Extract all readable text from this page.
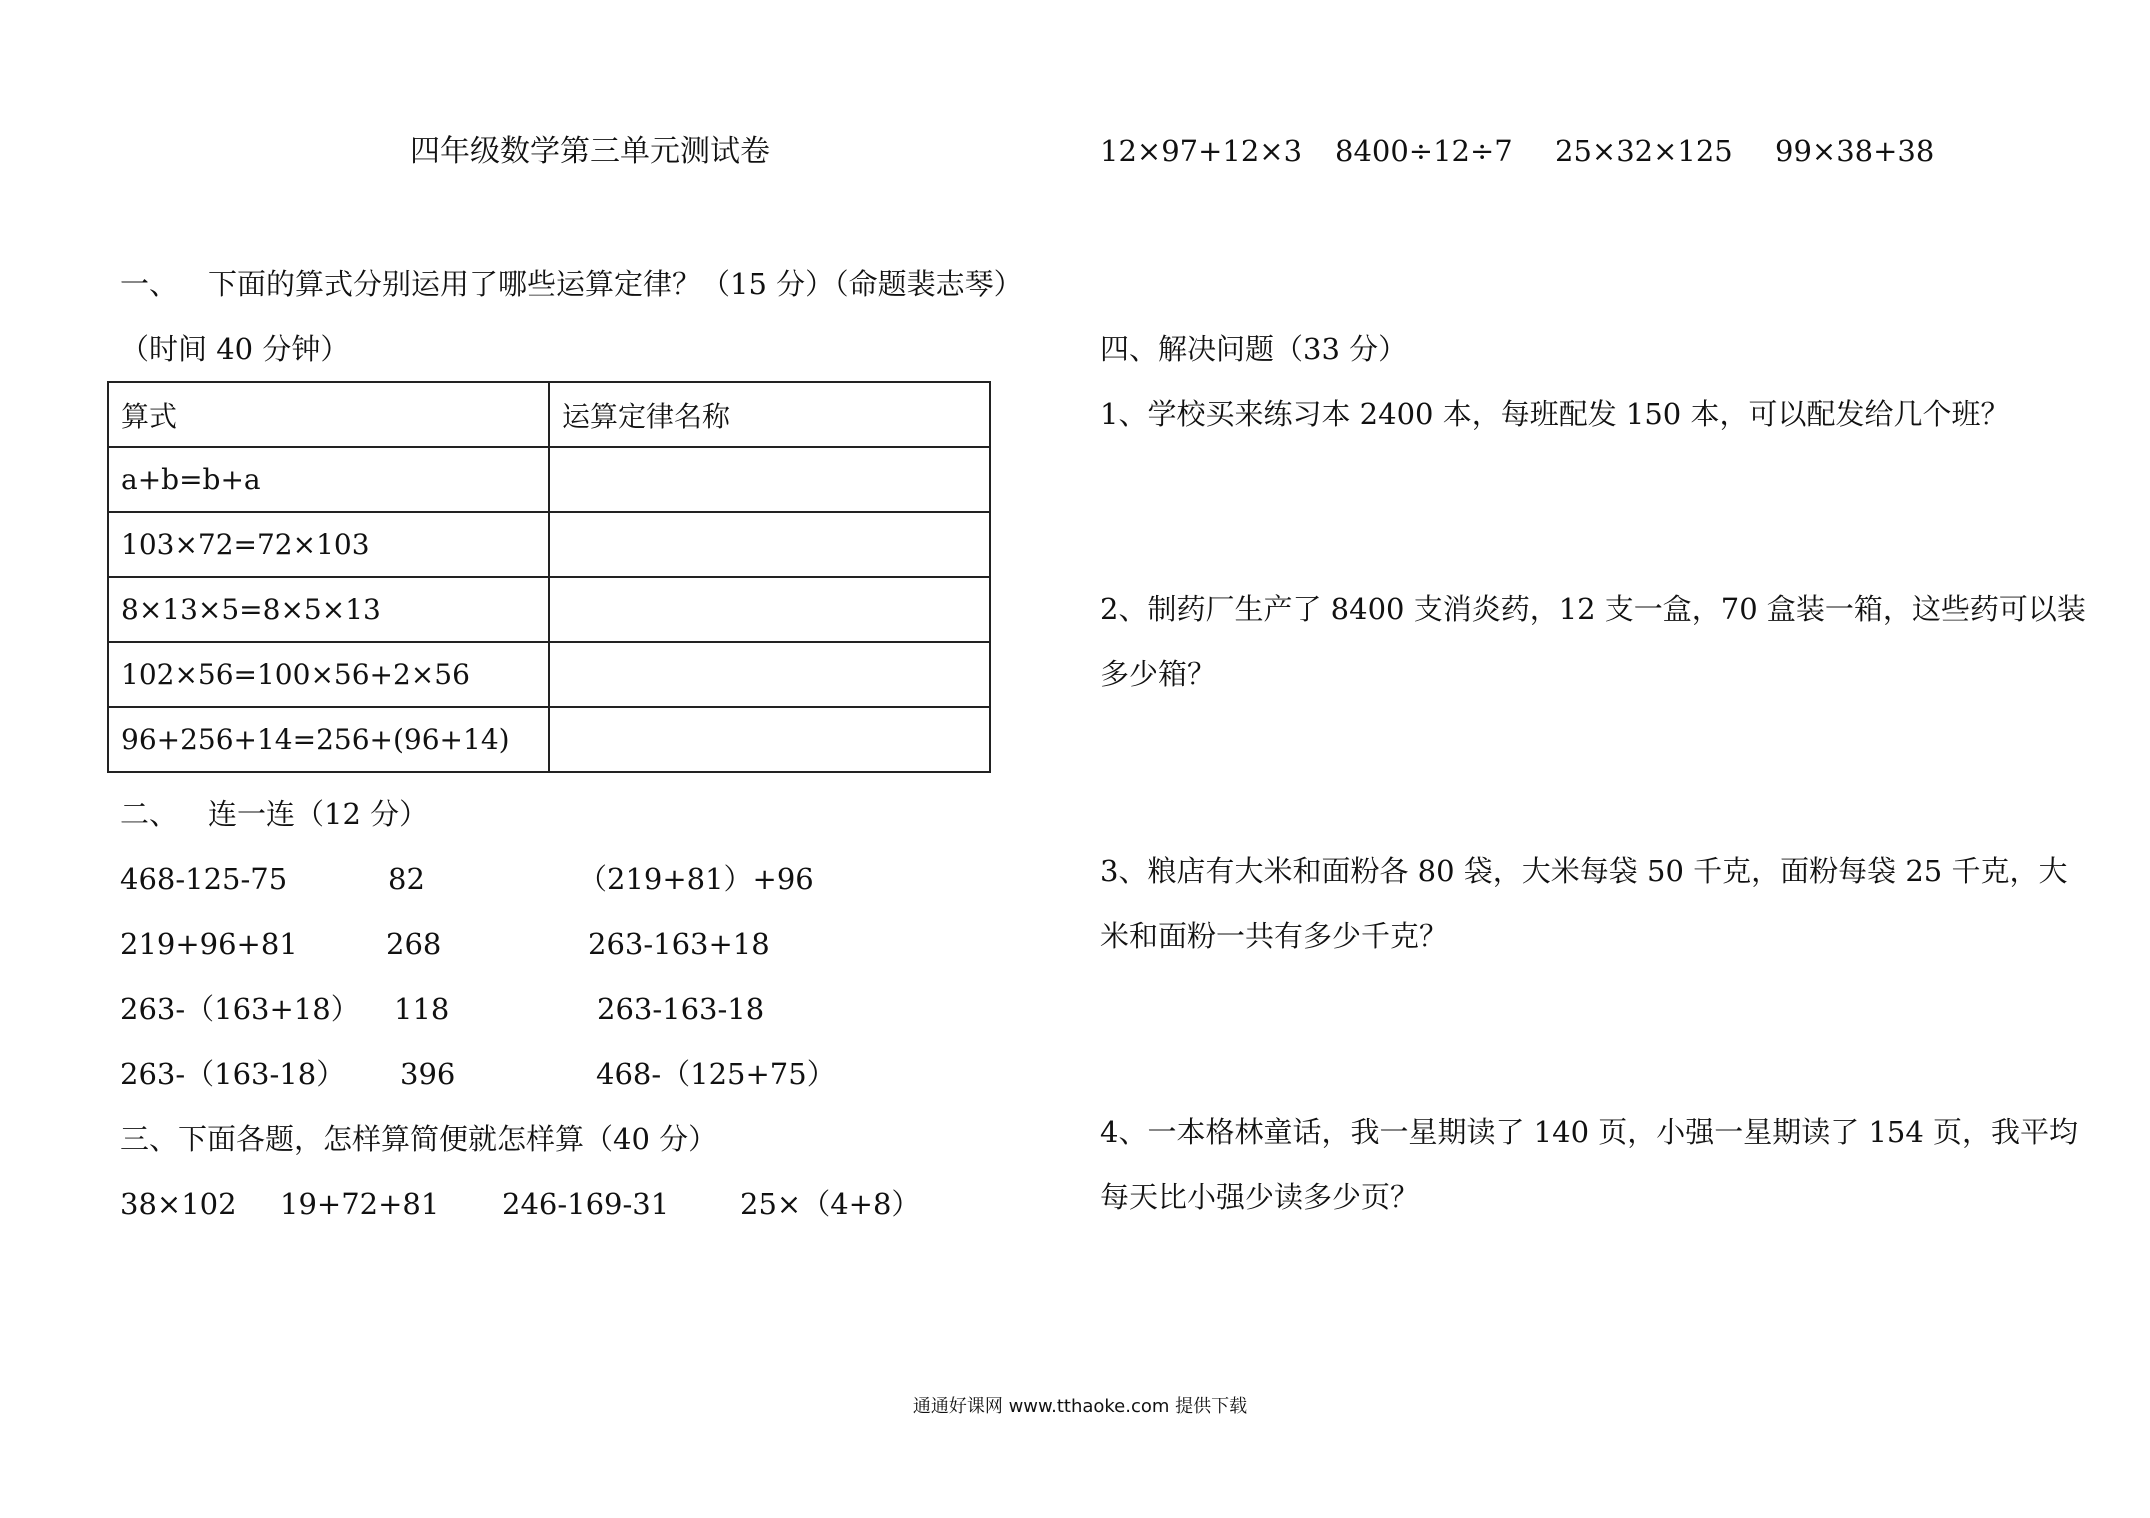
四年级数学第三单元测试卷
一、 下面的算式分别运用了哪些运算定律？（15 分）（命题裴志琴）
（时间 40 分钟）
算式	运算定律名称
a+b=b+a	
103×72=72×103	
8×13×5=8×5×13	
102×56=100×56+2×56	
96+256+14=256+(96+14)	
二、 连一连（12 分）
468-125-75	82	（219+81）+96
219+96+81	268	263-163+18
263-（163+18） 118	263-163-18
263-（163-18） 396	468-（125+75）
三、下面各题，怎样算简便就怎样算（40 分）
38×102 19+72+81 246-169-31 25×（4+8）
12×97+12×3 8400÷12÷7 25×32×125 99×38+38
四、解决问题（33 分）
1、学校买来练习本 2400 本，每班配发 150 本，可以配发给几个班？
2、制药厂生产了 8400 支消炎药，12 支一盒，70 盒装一箱，这些药可以装
多少箱？
3、粮店有大米和面粉各 80 袋，大米每袋 50 千克，面粉每袋 25 千克，大
米和面粉一共有多少千克？
4、一本格林童话，我一星期读了 140 页，小强一星期读了 154 页，我平均
每天比小强少读多少页？
通通好课网 www.tthaoke.com 提供下载
